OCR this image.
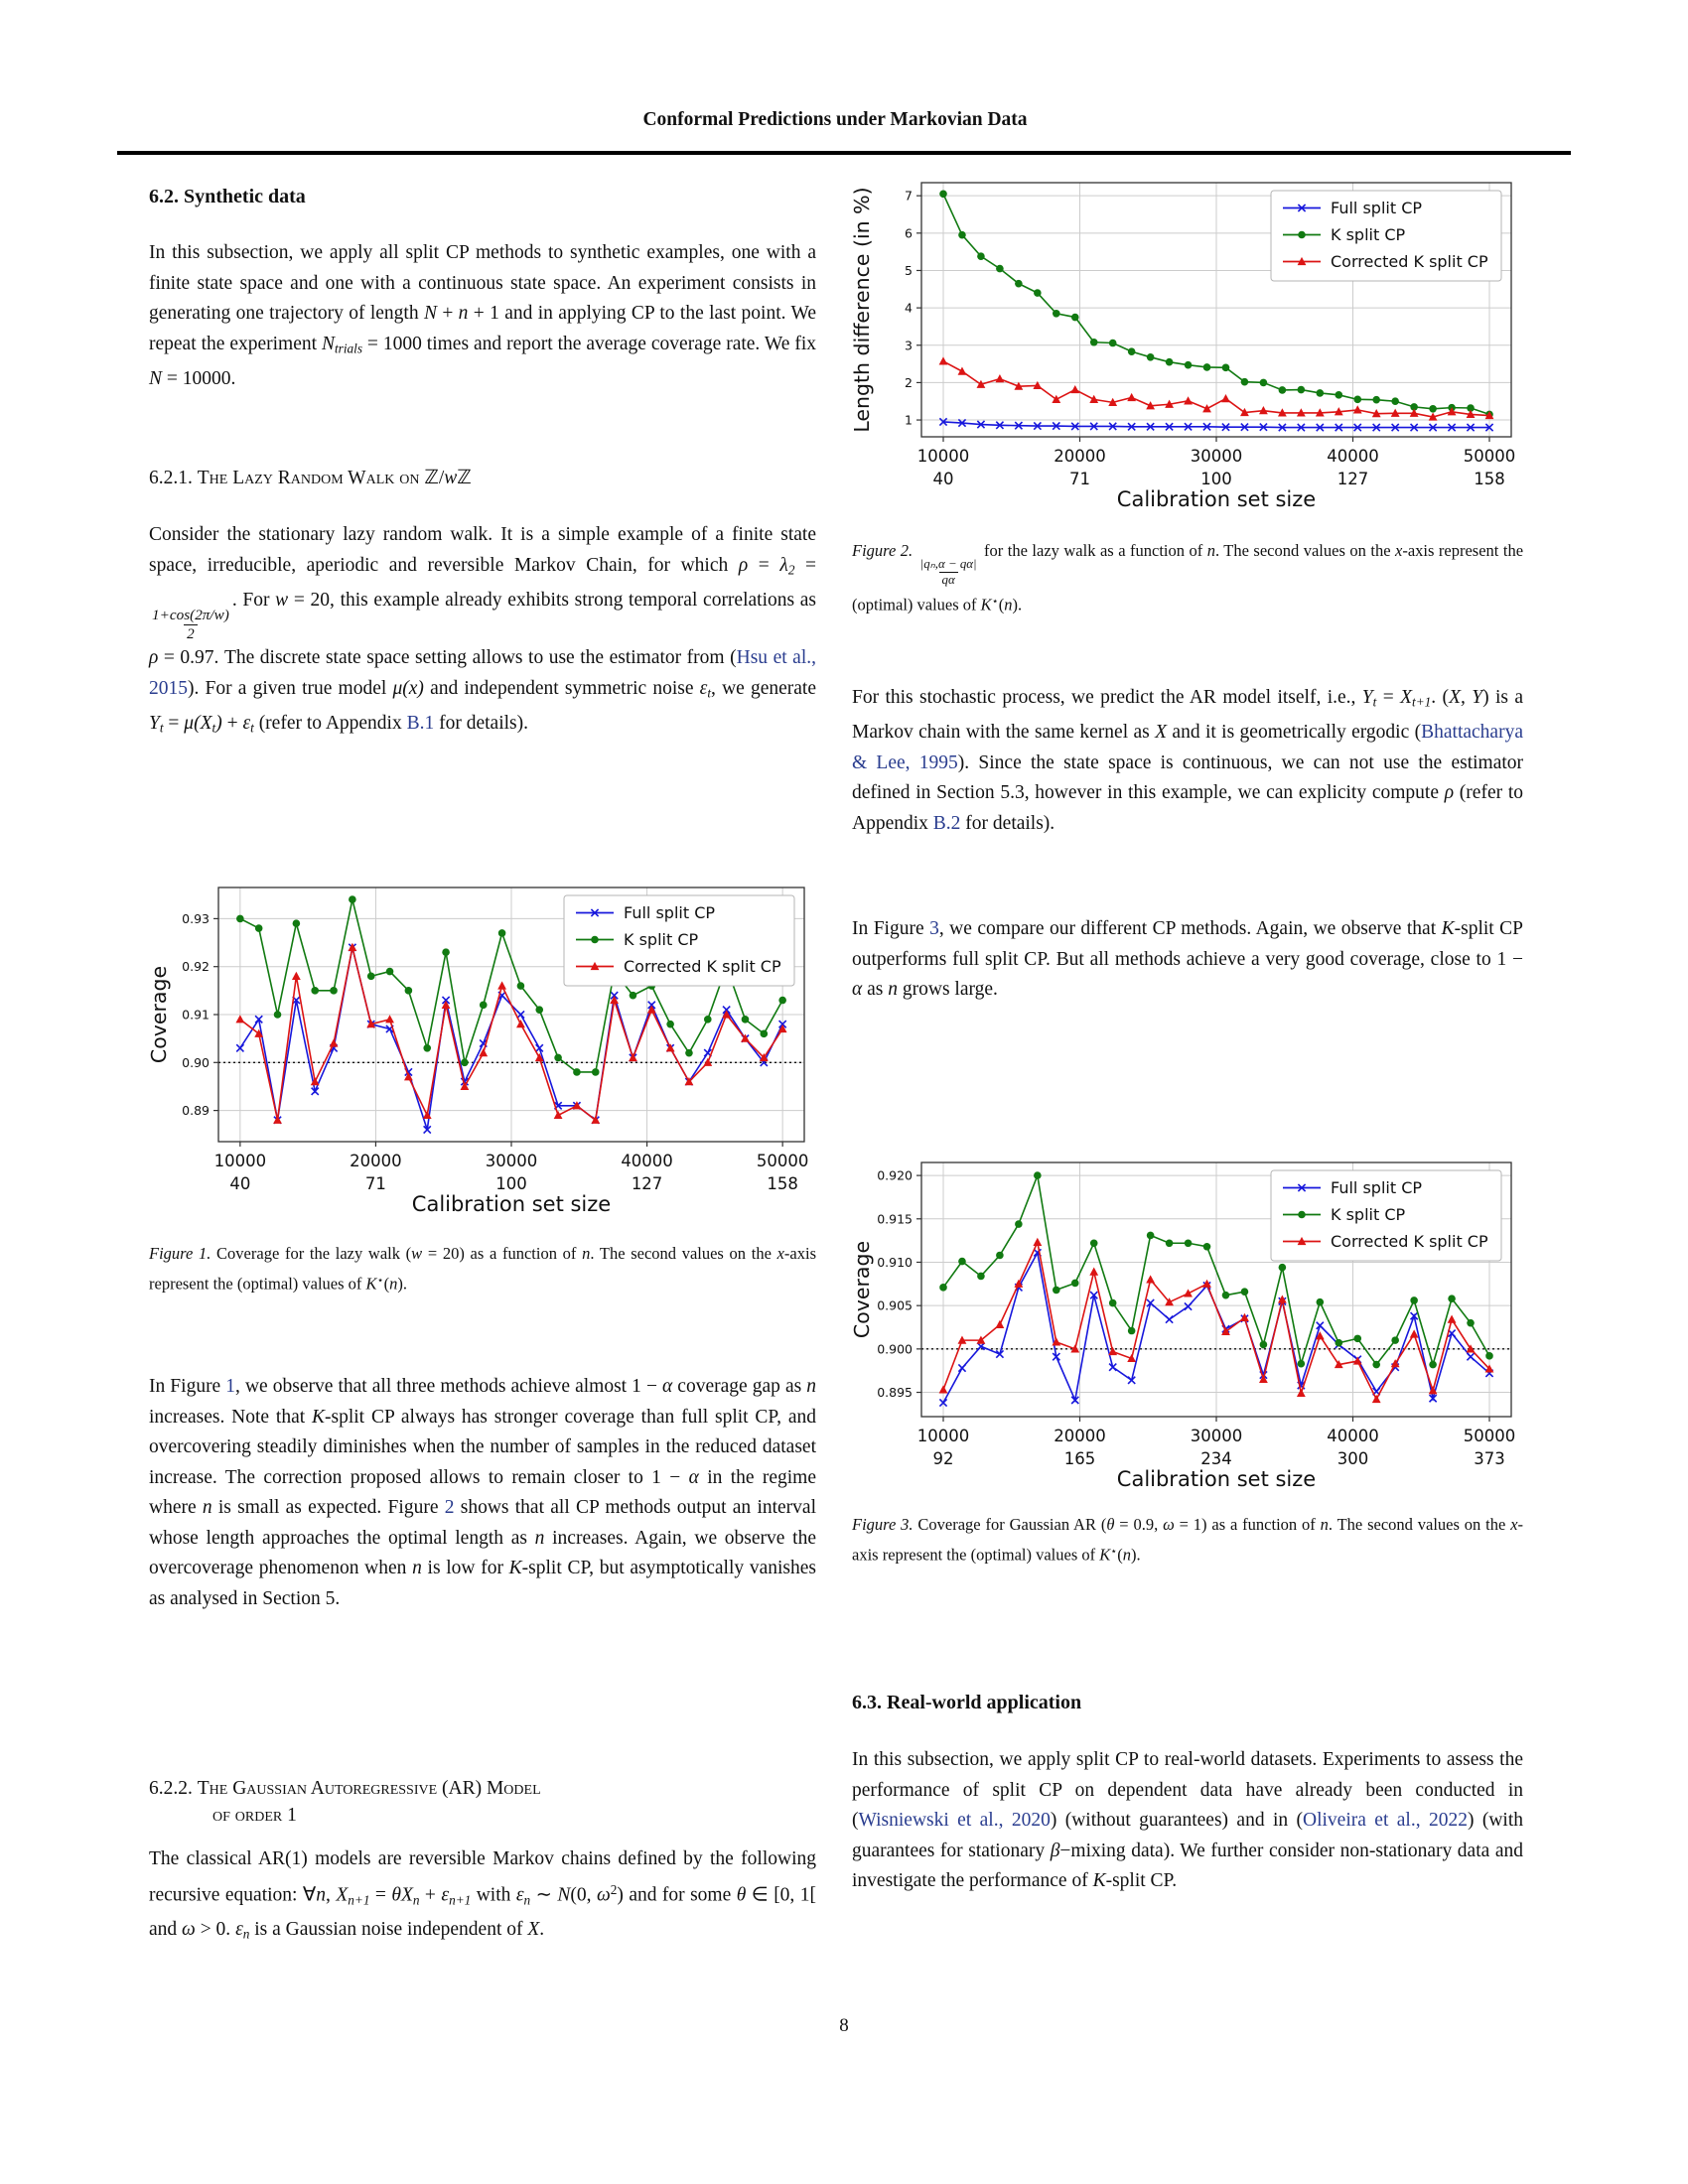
Conformal Predictions under Markovian Data
6.2. Synthetic data
In this subsection, we apply all split CP methods to synthetic examples, one with a finite state space and one with a continuous state space. An experiment consists in generating one trajectory of length N + n + 1 and in applying CP to the last point. We repeat the experiment Ntrials = 1000 times and report the average coverage rate. We fix N = 10000.
6.2.1. The Lazy Random Walk on ℤ/wℤ
Consider the stationary lazy random walk. It is a simple example of a finite state space, irreducible, aperiodic and reversible Markov Chain, for which ρ = λ2 =
$\frac{1+\cos(2\pi/w)}{2}$
. For w = 20, this example already exhibits strong temporal correlations as ρ = 0.97. The discrete state space setting allows to use the estimator from (Hsu et al., 2015). For a given true model μ(x) and independent symmetric noise εt, we generate Yt = μ(Xt) + εt (refer to Appendix B.1 for details).
0.89
0.90
0.91
0.92
0.93
10000
40
20000
71
30000
100
40000
127
50000
158
Calibration set size
Coverage
Full split CP
K split CP
Corrected K split CP
Figure 1. Coverage for the lazy walk (w = 20) as a function of n. The second values on the x-axis represent the (optimal) values of K⋆(n).
In Figure 1, we observe that all three methods achieve almost 1 − α coverage gap as n increases. Note that K-split CP always has stronger coverage than full split CP, and overcovering steadily diminishes when the number of samples in the reduced dataset increase. The correction proposed allows to remain closer to 1 − α in the regime where n is small as expected. Figure 2 shows that all CP methods output an interval whose length approaches the optimal length as n increases. Again, we observe the overcoverage phenomenon when n is low for K-split CP, but asymptotically vanishes as analysed in Section 5.
6.2.2. The Gaussian Autoregressive (AR) Model
of order 1
The classical AR(1) models are reversible Markov chains defined by the following recursive equation: ∀n, Xn+1 = θXn + εn+1 with εn ∼ N(0, $\omega^2$) and for some θ ∈ [0, 1[ and ω > 0. εn is a Gaussian noise independent of X.
1
2
3
4
5
6
7
10000
40
20000
71
30000
100
40000
127
50000
158
Calibration set size
Length difference (in %)	Full split CP
K split CP
Corrected K split CP
Figure 2.
$\frac{\text{|qₙ,α − qα|}}{q\alpha}$
for the lazy walk as a function of n. The second values on the x-axis represent the (optimal) values of K⋆(n).
For this stochastic process, we predict the AR model itself, i.e., Yt = Xt+1. (X, Y) is a Markov chain with the same kernel as X and it is geometrically ergodic (Bhattacharya & Lee, 1995). Since the state space is continuous, we can not use the estimator defined in Section 5.3, however in this example, we can explicity compute ρ (refer to Appendix B.2 for details).
In Figure 3, we compare our different CP methods. Again, we observe that K-split CP outperforms full split CP. But all methods achieve a very good coverage, close to 1 − α as n grows large.
0.895
0.900
0.905
0.910
0.915
0.920
10000
92
20000
165
30000
234
40000
300
50000
373
Calibration set size
Coverage
Full split CP
K split CP
Corrected K split CP
Figure 3. Coverage for Gaussian AR (θ = 0.9, ω = 1) as a function of n. The second values on the x-axis represent the (optimal) values of K⋆(n).
6.3. Real-world application
In this subsection, we apply split CP to real-world datasets. Experiments to assess the performance of split CP on dependent data have already been conducted in (Wisniewski et al., 2020) (without guarantees) and in (Oliveira et al., 2022) (with guarantees for stationary β−mixing data). We further consider non-stationary data and investigate the performance of K-split CP.
8
